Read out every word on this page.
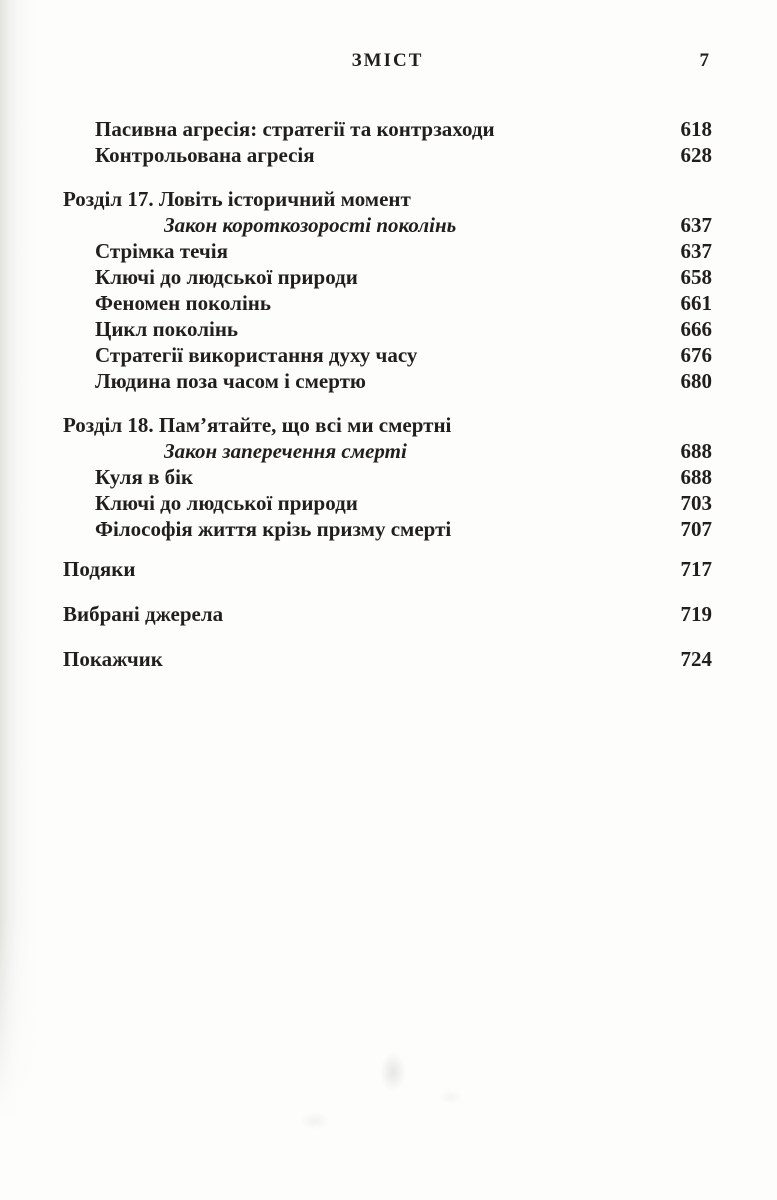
ЗМІСТ	7
Пасивна агресія: стратегії та контрзаходи	618
Контрольована агресія	628
Розділ 17. Ловіть історичний момент
Закон короткозорості поколінь	637
Стрімка течія	637
Ключі до людської природи	658
Феномен поколінь	661
Цикл поколінь	666
Стратегії використання духу часу	676
Людина поза часом і смертю	680
Розділ 18. Пам’ятайте, що всі ми смертні
Закон заперечення смерті	688
Куля в бік	688
Ключі до людської природи	703
Філософія життя крізь призму смерті	707
Подяки	717
Вибрані джерела	719
Покажчик	724
